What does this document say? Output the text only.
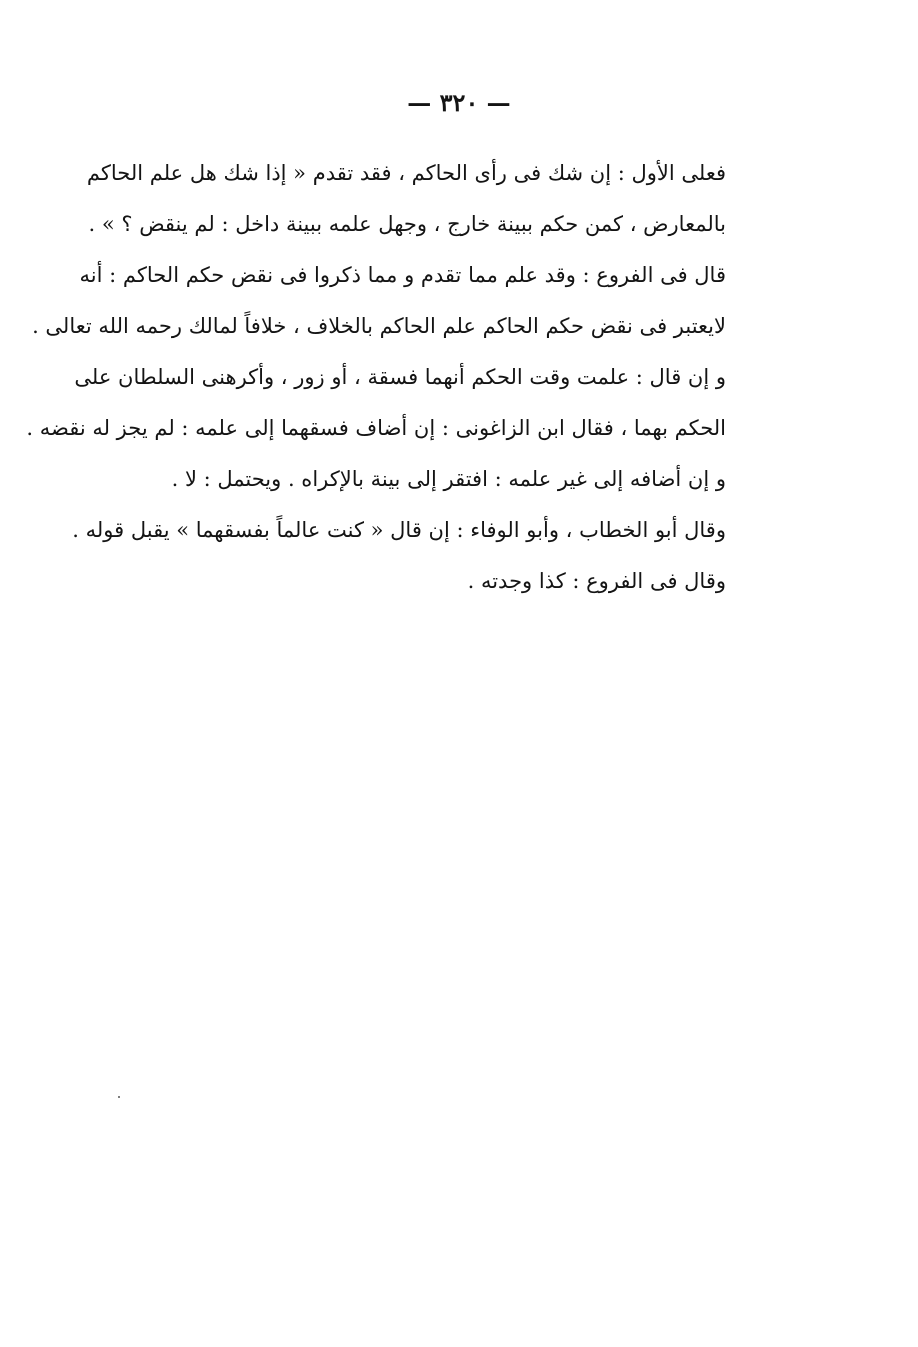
— ٣٢٠ —
فعلى الأول : إن شك فى رأى الحاكم ، فقد تقدم « إذا شك هل علم الحاكم
بالمعارض ، كمن حكم ببينة خارج ، وجهل علمه ببينة داخل : لم ينقض ؟ » .
قال فى الفروع : وقد علم مما تقدم و مما ذكروا فى نقض حكم الحاكم : أنه
لايعتبر فى نقض حكم الحاكم علم الحاكم بالخلاف ، خلافاً لمالك رحمه الله تعالى .
و إن قال : علمت وقت الحكم أنهما فسقة ، أو زور ، وأكرهنى السلطان على
الحكم بهما ، فقال ابن الزاغونى : إن أضاف فسقهما إلى علمه : لم يجز له نقضه .
و إن أضافه إلى غير علمه : افتقر إلى بينة بالإكراه . ويحتمل : لا .
وقال أبو الخطاب ، وأبو الوفاء : إن قال « كنت عالماً بفسقهما » يقبل قوله .
وقال فى الفروع : كذا وجدته .
